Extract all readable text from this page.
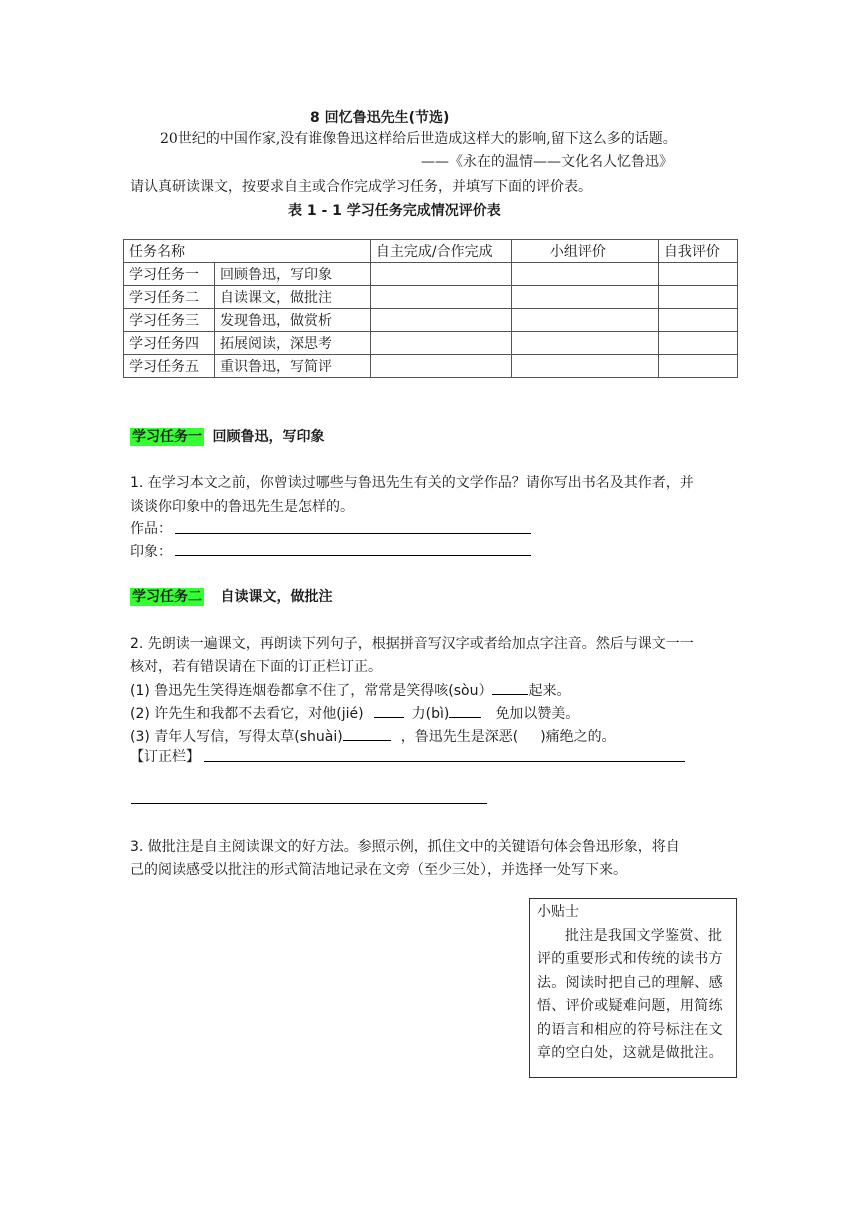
8 回忆鲁迅先生(节选)
20世纪的中国作家,没有谁像鲁迅这样给后世造成这样大的影响,留下这么多的话题。
——《永在的温情——文化名人忆鲁迅》
请认真研读课文，按要求自主或合作完成学习任务，并填写下面的评价表。
表 1 - 1 学习任务完成情况评价表
任务名称		自主完成/合作完成	小组评价	自我评价
学习任务一	回顾鲁迅，写印象			
学习任务二	自读课文，做批注			
学习任务三	发现鲁迅，做赏析			
学习任务四	拓展阅读，深思考			
学习任务五	重识鲁迅，写简评			
学习任务一 回顾鲁迅，写印象
1. 在学习本文之前，你曾读过哪些与鲁迅先生有关的文学作品？请你写出书名及其作者，并
谈谈你印象中的鲁迅先生是怎样的。
作品：
印象：
学习任务二 自读课文，做批注
2. 先朗读一遍课文，再朗读下列句子，根据拼音写汉字或者给加点字注音。然后与课文一一
核对，若有错误请在下面的订正栏订正。
(1) 鲁迅先生笑得连烟卷都拿不住了，常常是笑得咳(sòu）	起来。
(2) 许先生和我都不去看它，对他(jié)	力(bì)	免加以赞美。
(3) 青年人写信，写得太草(shuài)	，鲁迅先生是深恶( )痛绝之的。
【订正栏】
3. 做批注是自主阅读课文的好方法。参照示例，抓住文中的关键语句体会鲁迅形象，将自
己的阅读感受以批注的形式简洁地记录在文旁（至少三处），并选择一处写下来。
小贴士
批注是我国文学鉴赏、批评的重要形式和传统的读书方法。阅读时把自己的理解、感悟、评价或疑难问题，用简练的语言和相应的符号标注在文章的空白处，这就是做批注。
